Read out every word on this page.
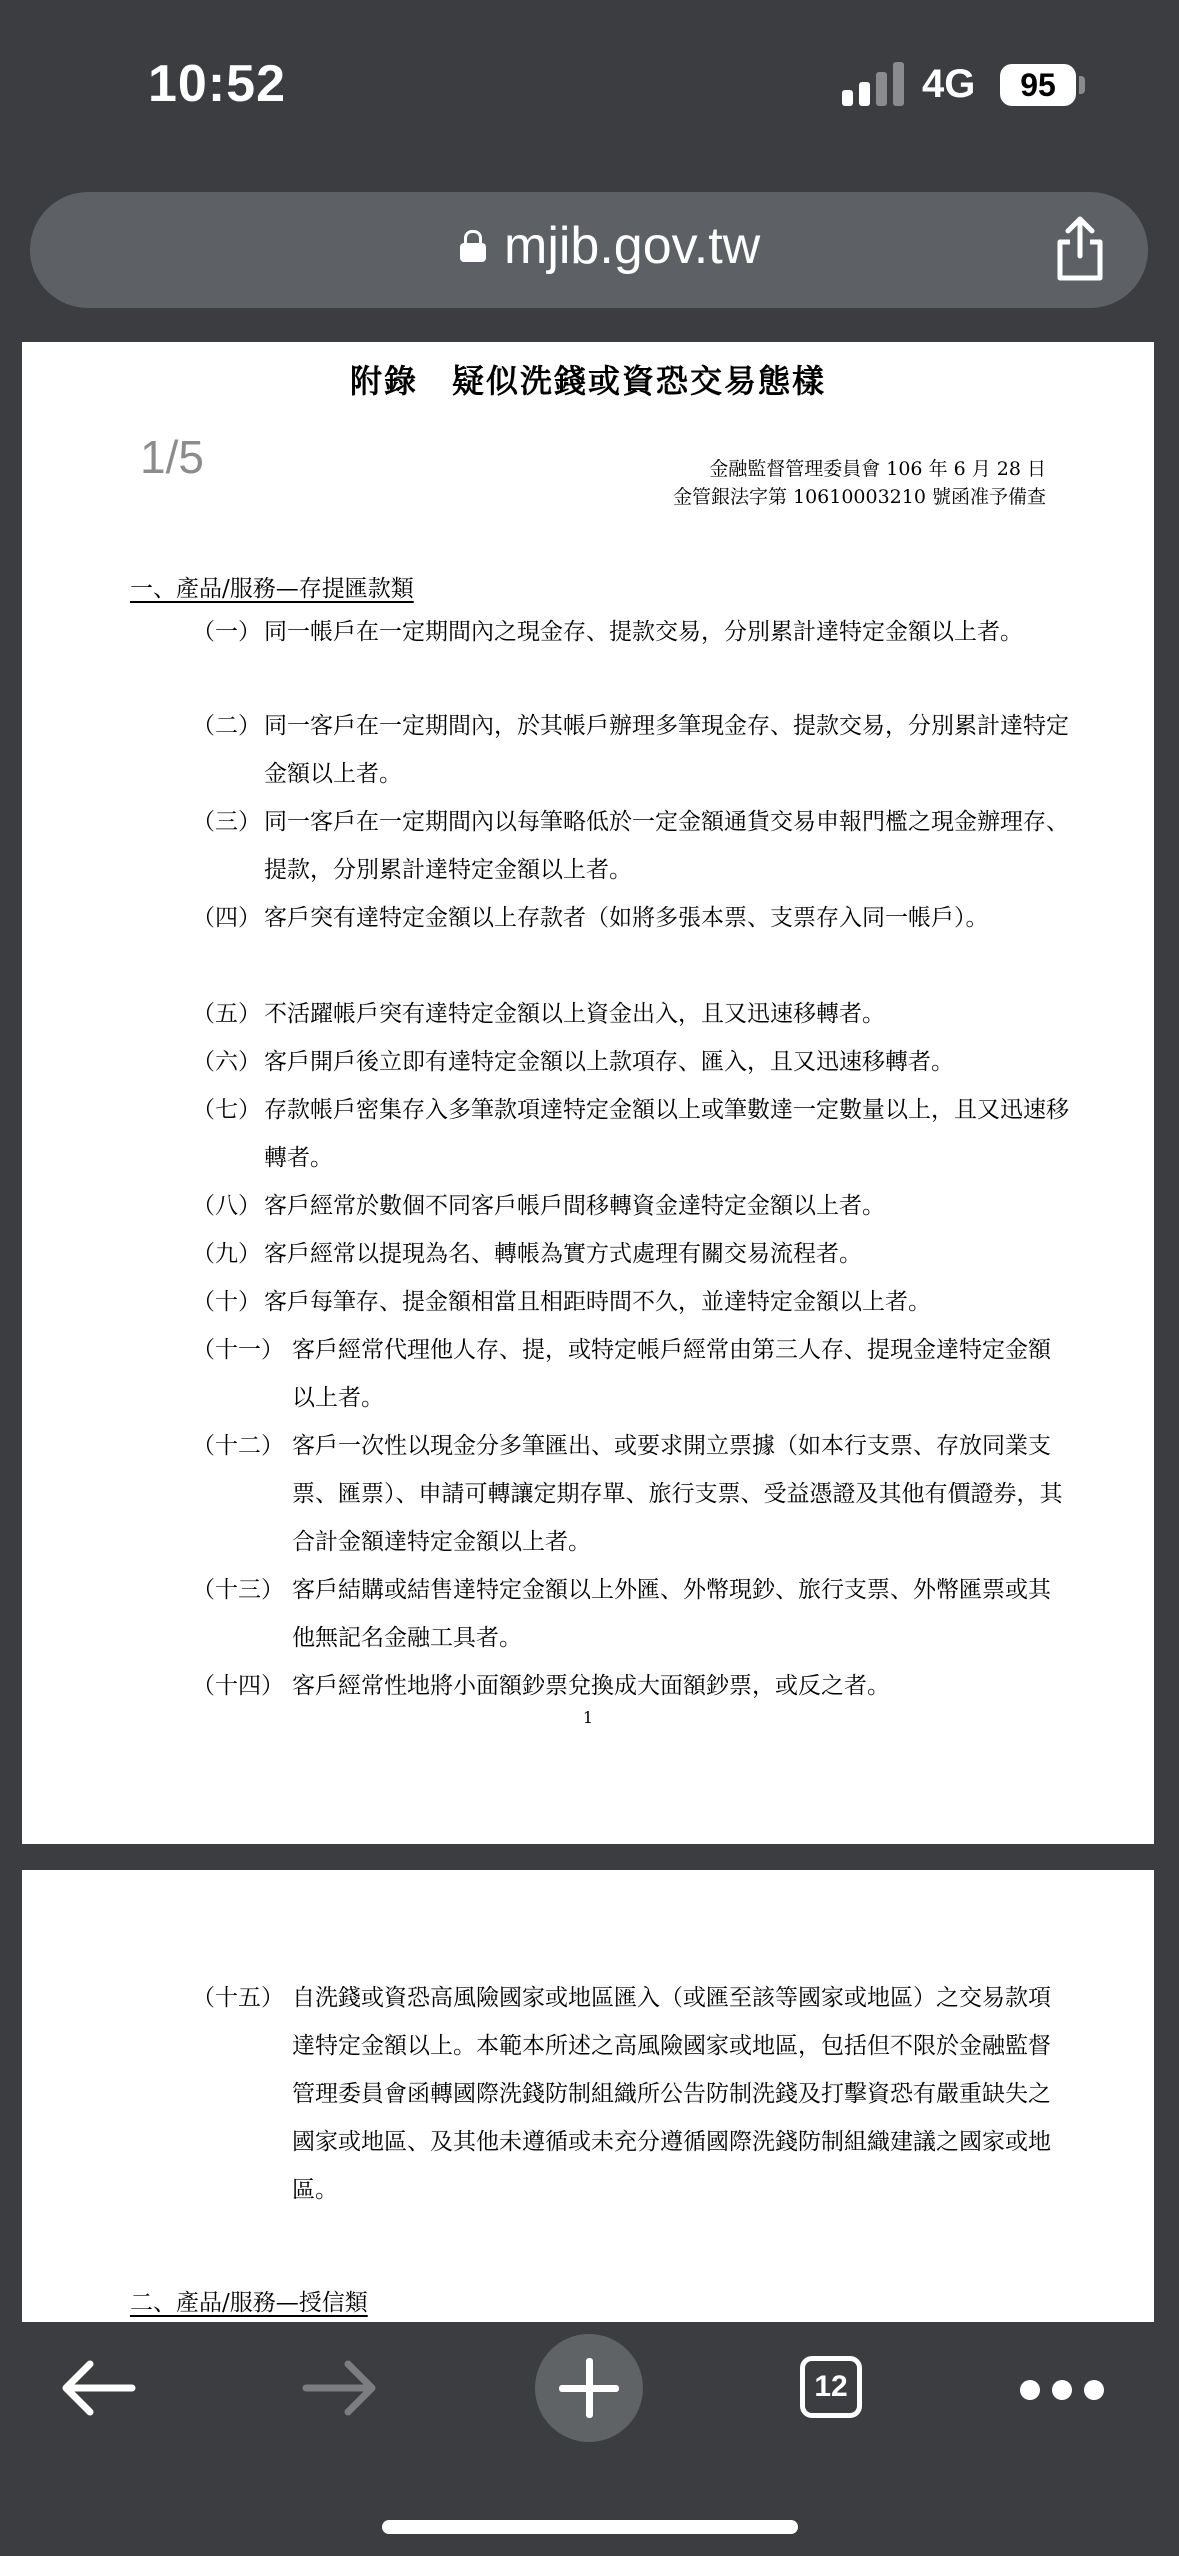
10:52	4G	95
mjib.gov.tw
附錄　疑似洗錢或資恐交易態樣
1/5	金融監督管理委員會 106 年 6 月 28 日
金管銀法字第 10610003210 號函准予備查
一、產品/服務—存提匯款類
（一） 同一帳戶在一定期間內之現金存、提款交易，分別累計達特定金額以上者。
（二） 同一客戶在一定期間內，於其帳戶辦理多筆現金存、提款交易，分別累計達特定金額以上者。
（三） 同一客戶在一定期間內以每筆略低於一定金額通貨交易申報門檻之現金辦理存、提款，分別累計達特定金額以上者。
（四） 客戶突有達特定金額以上存款者（如將多張本票、支票存入同一帳戶）。
（五） 不活躍帳戶突有達特定金額以上資金出入，且又迅速移轉者。
（六） 客戶開戶後立即有達特定金額以上款項存、匯入，且又迅速移轉者。
（七） 存款帳戶密集存入多筆款項達特定金額以上或筆數達一定數量以上，且又迅速移轉者。
（八） 客戶經常於數個不同客戶帳戶間移轉資金達特定金額以上者。
（九） 客戶經常以提現為名、轉帳為實方式處理有關交易流程者。
（十） 客戶每筆存、提金額相當且相距時間不久，並達特定金額以上者。
（十一） 客戶經常代理他人存、提，或特定帳戶經常由第三人存、提現金達特定金額以上者。
（十二） 客戶一次性以現金分多筆匯出、或要求開立票據（如本行支票、存放同業支票、匯票）、申請可轉讓定期存單、旅行支票、受益憑證及其他有價證券，其合計金額達特定金額以上者。
（十三） 客戶結購或結售達特定金額以上外匯、外幣現鈔、旅行支票、外幣匯票或其他無記名金融工具者。
（十四） 客戶經常性地將小面額鈔票兌換成大面額鈔票，或反之者。
1
（十五） 自洗錢或資恐高風險國家或地區匯入（或匯至該等國家或地區）之交易款項達特定金額以上。本範本所述之高風險國家或地區，包括但不限於金融監督管理委員會函轉國際洗錢防制組織所公告防制洗錢及打擊資恐有嚴重缺失之國家或地區、及其他未遵循或未充分遵循國際洗錢防制組織建議之國家或地區。
二、產品/服務—授信類
12
